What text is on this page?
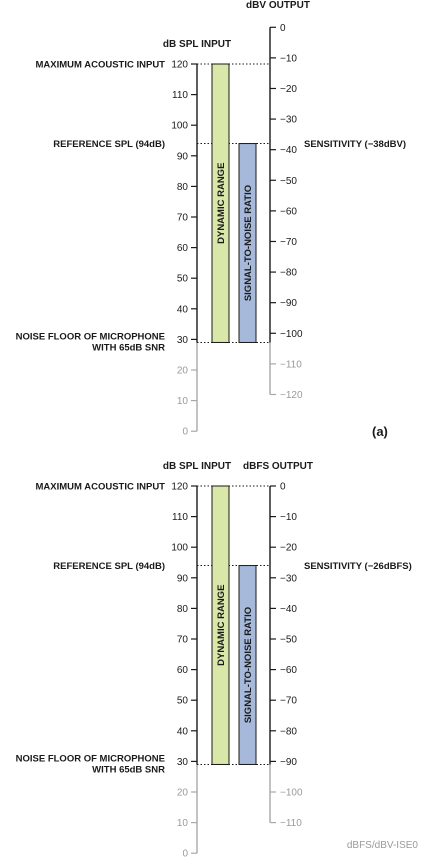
0
10
20
30
40
50
60
70
80
90
100
110
120
0
−10
−20
−30
−40
−50
−60
−70
−80
−90
−100
−110
−120
dB SPL INPUT
dBV OUTPUT
DYNAMIC RANGE SIGNAL-TO-NOISE RATIO
MAXIMUM ACOUSTIC INPUT
REFERENCE SPL (94dB)
NOISE FLOOR OF MICROPHONE
WITH 65dB SNR
SENSITIVITY (−38dBV)
(a)
0
10
20
30
40
50
60
70
80
90
100
110
120	0
−10
−20
−30
−40
−50
−60
−70
−80
−90
−100
−110
dB SPL INPUT dBFS OUTPUT
DYNAMIC RANGE SIGNAL-TO-NOISE RATIO
MAXIMUM ACOUSTIC INPUT
REFERENCE SPL (94dB)
NOISE FLOOR OF MICROPHONE
WITH 65dB SNR
SENSITIVITY (−26dBFS)
dBFS/dBV-ISE0
